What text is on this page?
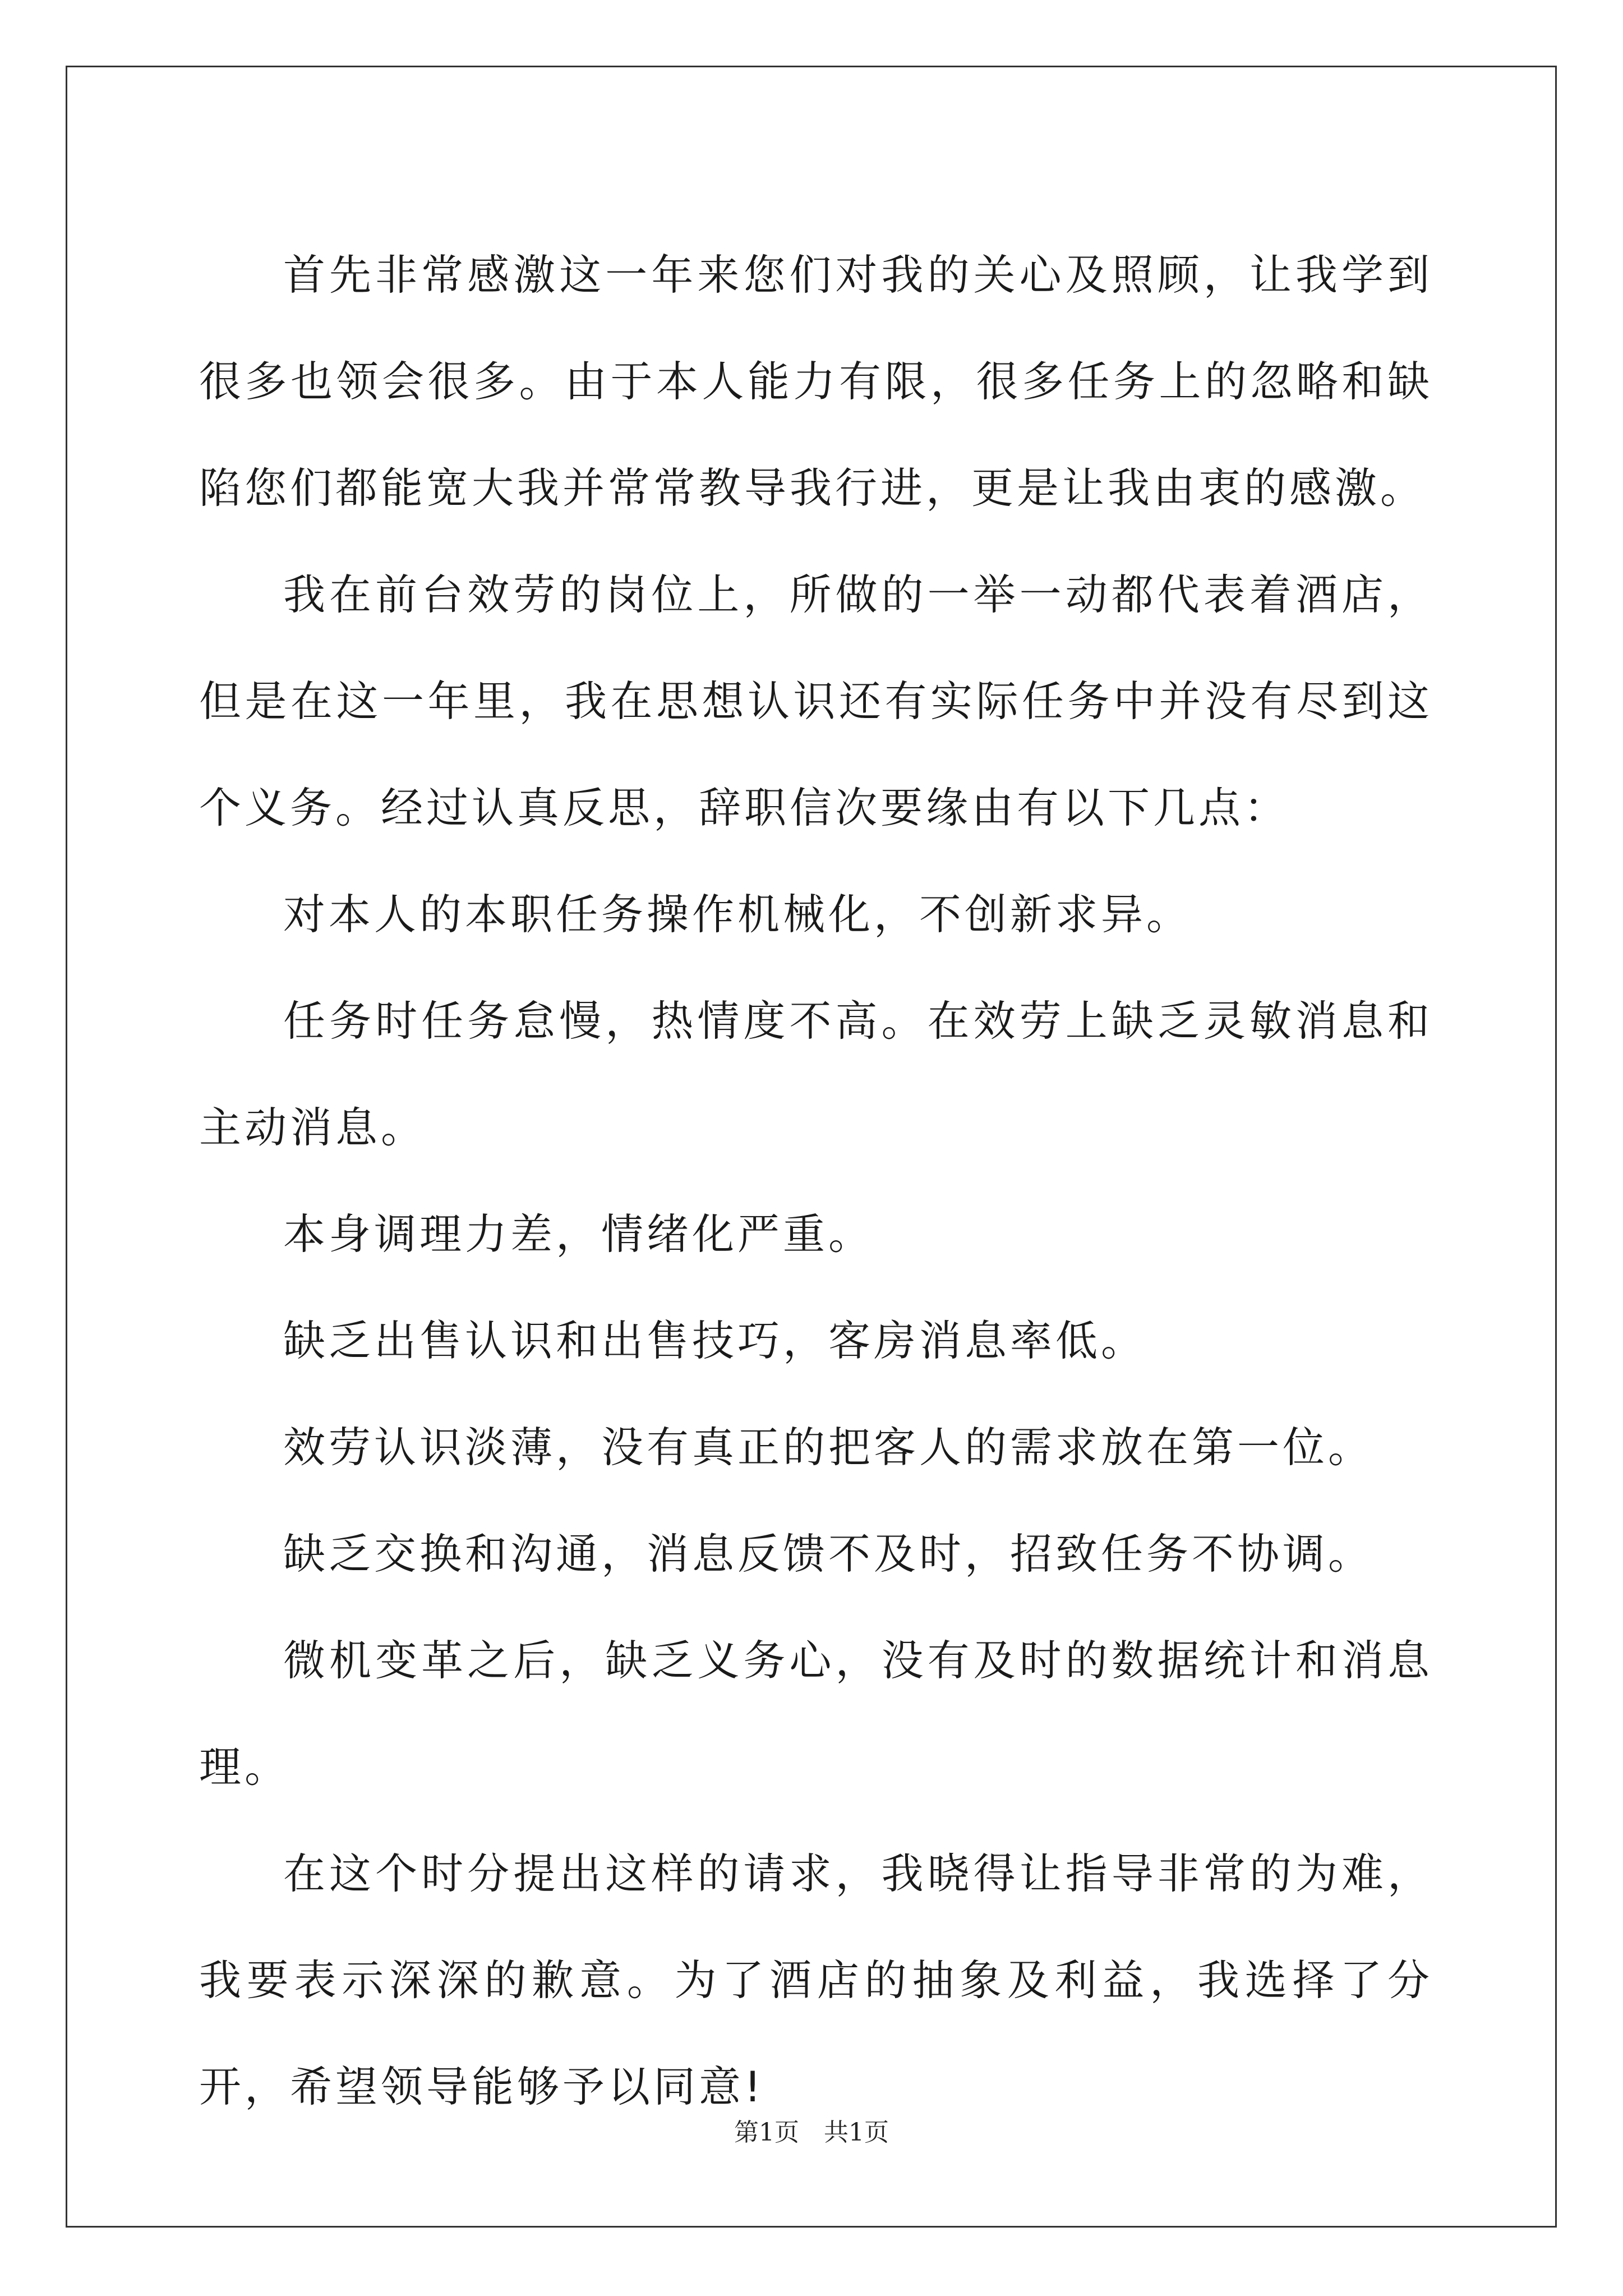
首先非常感激这一年来您们对我的关心及照顾，让我学到很多也领会很多。由于本人能力有限，很多任务上的忽略和缺陷您们都能宽大我并常常教导我行进，更是让我由衷的感激。

我在前台效劳的岗位上，所做的一举一动都代表着酒店，但是在这一年里，我在思想认识还有实际任务中并没有尽到这个义务。经过认真反思，辞职信次要缘由有以下几点：

对本人的本职任务操作机械化，不创新求异。

任务时任务怠慢，热情度不高。在效劳上缺乏灵敏消息和主动消息。

本身调理力差，情绪化严重。

缺乏出售认识和出售技巧，客房消息率低。

效劳认识淡薄，没有真正的把客人的需求放在第一位。

缺乏交换和沟通，消息反馈不及时，招致任务不协调。

微机变革之后，缺乏义务心，没有及时的数据统计和消息理。

在这个时分提出这样的请求，我晓得让指导非常的为难，我要表示深深的歉意。为了酒店的抽象及利益，我选择了分开，希望领导能够予以同意!

第1页　共1页
